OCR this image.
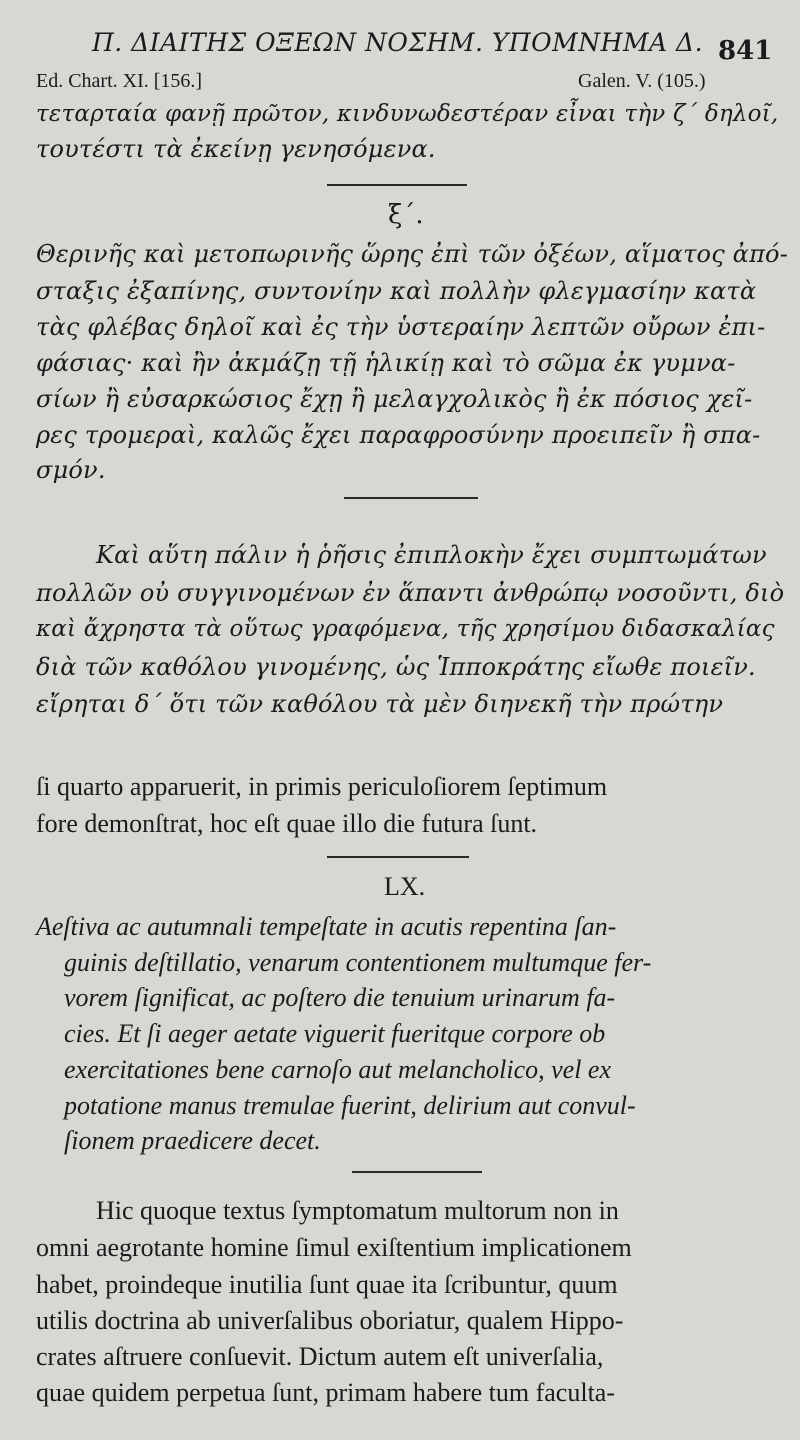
Π. ΔΙΑΙΤΗΣ ΟΞΕΩΝ ΝΟΣΗΜ. ΥΠΟΜΝΗΜΑ Δ. 841
Ed. Chart. XI. [156.]	Galen. V. (105.)
τεταρταία φανῇ πρῶτον, κινδυνωδεστέραν εἶναι τὴν ζ΄ δηλοῖ,
τουτέστι τὰ ἐκείνῃ γενησόμενα.
ξ΄.
Θερινῆς καὶ μετοπωρινῆς ὥρης ἐπὶ τῶν ὀξέων, αἵματος ἀπό-
σταξις ἐξαπίνης, συντονίην καὶ πολλὴν φλεγμασίην κατὰ
τὰς φλέβας δηλοῖ καὶ ἐς τὴν ὑστεραίην λεπτῶν οὔρων ἐπι-
φάσιας· καὶ ἢν ἀκμάζῃ τῇ ἡλικίῃ καὶ τὸ σῶμα ἐκ γυμνα-
σίων ἢ εὐσαρκώσιος ἔχῃ ἢ μελαγχολικὸς ἢ ἐκ πόσιος χεῖ-
ρες τρομεραὶ, καλῶς ἔχει παραφροσύνην προειπεῖν ἢ σπα-
σμόν.
Καὶ αὕτη πάλιν ἡ ῥῆσις ἐπιπλοκὴν ἔχει συμπτωμάτων
πολλῶν οὐ συγγινομένων ἐν ἅπαντι ἀνθρώπῳ νοσοῦντι, διὸ
καὶ ἄχρηστα τὰ οὕτως γραφόμενα, τῆς χρησίμου διδασκαλίας
διὰ τῶν καθόλου γινομένης, ὡς Ἱπποκράτης εἴωθε ποιεῖν.
εἴρηται δ΄ ὅτι τῶν καθόλου τὰ μὲν διηνεκῆ τὴν πρώτην
ſi quarto apparuerit, in primis periculoſiorem ſeptimum
fore demonſtrat, hoc eſt quae illo die futura ſunt.
LX.
Aeſtiva ac autumnali tempeſtate in acutis repentina ſan-
guinis deſtillatio, venarum contentionem multumque fer-
vorem ſignificat, ac poſtero die tenuium urinarum fa-
cies. Et ſi aeger aetate viguerit fueritque corpore ob
exercitationes bene carnoſo aut melancholico, vel ex
potatione manus tremulae fuerint, delirium aut convul-
ſionem praedicere decet.
Hic quoque textus ſymptomatum multorum non in
omni aegrotante homine ſimul exiſtentium implicationem
habet, proindeque inutilia ſunt quae ita ſcribuntur, quum
utilis doctrina ab univerſalibus oboriatur, qualem Hippo-
crates aſtruere conſuevit. Dictum autem eſt univerſalia,
quae quidem perpetua ſunt, primam habere tum faculta-
